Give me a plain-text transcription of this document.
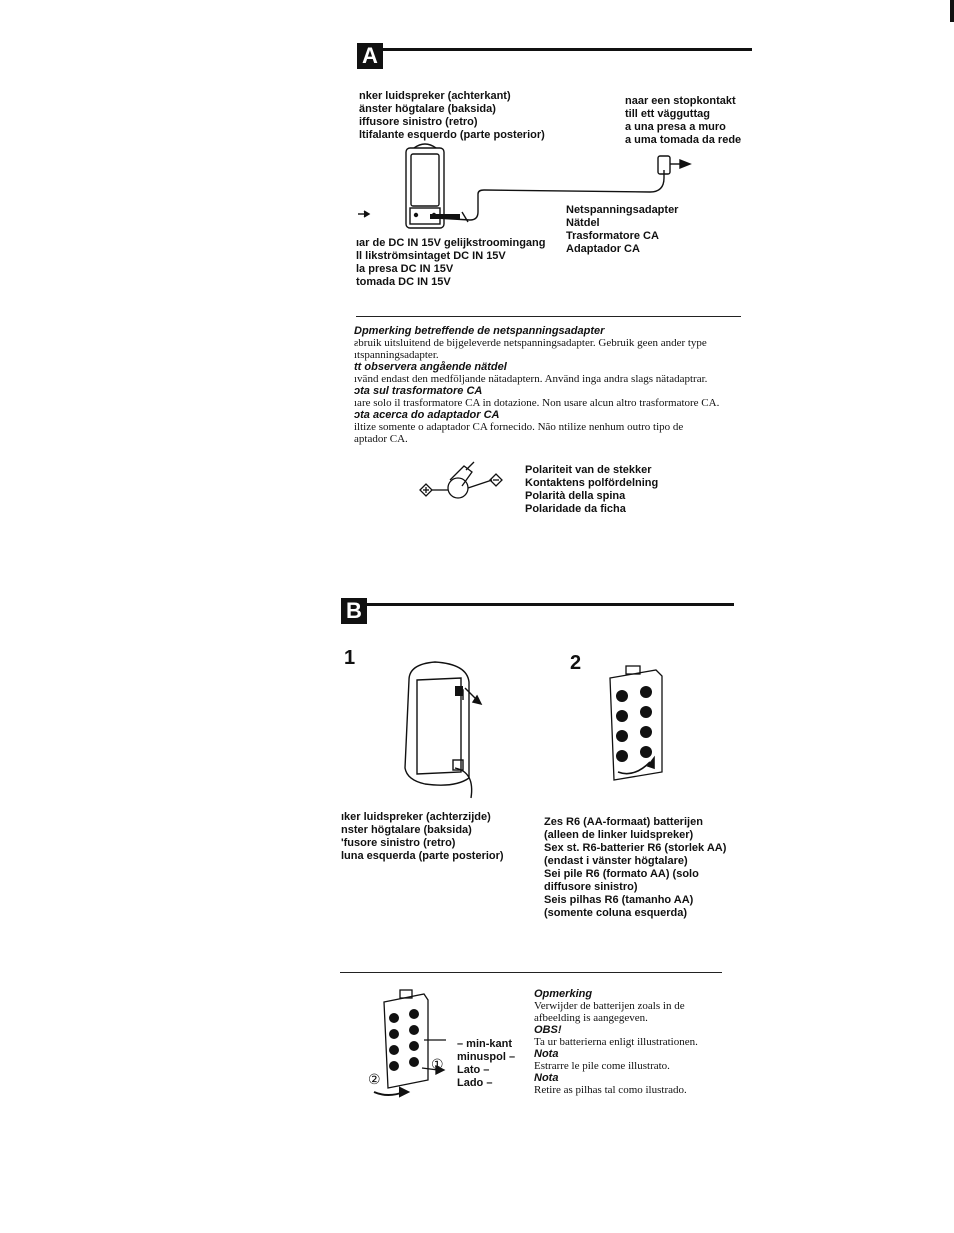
A
nker luidspreker (achterkant)
änster högtalare (baksida)
iffusore sinistro (retro)
ltifalante esquerdo (parte posterior)
naar een stopkontakt
till ett vägguttag
a una presa a muro
a uma tomada da rede
Netspanningsadapter
Nätdel
Trasformatore CA
Adaptador CA
ıar de DC IN 15V gelijkstroomingang
ll likströmsintaget DC IN 15V
la presa DC IN 15V
tomada DC IN 15V
Dpmerking betreffende de netspanningsadapter
ƨbruik uitsluitend de bijgeleverde netspanningsadapter. Gebruik geen ander type
ıtspanningsadapter.
tt observera angående nätdel
ıvänd endast den medföljande nätadaptern. Använd inga andra slags nätadaptrar.
ɔta sul trasformatore CA
ıare solo il trasformatore CA in dotazione. Non usare alcun altro trasformatore CA.
ɔta acerca do adaptador CA
iltize somente o adaptador CA fornecido. Não ntilize nenhum outro tipo de
aptador CA.
Polariteit van de stekker
Kontaktens polfördelning
Polarità della spina
Polaridade da ficha
B
1	2
ıker luidspreker (achterzijde)
nster högtalare (baksida)
'fusore sinistro (retro)
luna esquerda (parte posterior)
Zes R6 (AA-formaat) batterijen
(alleen de linker luidspreker)
Sex st. R6-batterier R6 (storlek AA)
(endast i vänster högtalare)
Sei pile R6 (formato AA) (solo
diffusore sinistro)
Seis pilhas R6 (tamanho AA)
(somente coluna esquerda)
①
②
– min-kant
minuspol –
Lato –
Lado –
Opmerking
Verwijder de batterijen zoals in de
afbeelding is aangegeven.
OBS!
Ta ur batterierna enligt illustrationen.
Nota
Estrarre le pile come illustrato.
Nota
Retire as pilhas tal como ilustrado.
